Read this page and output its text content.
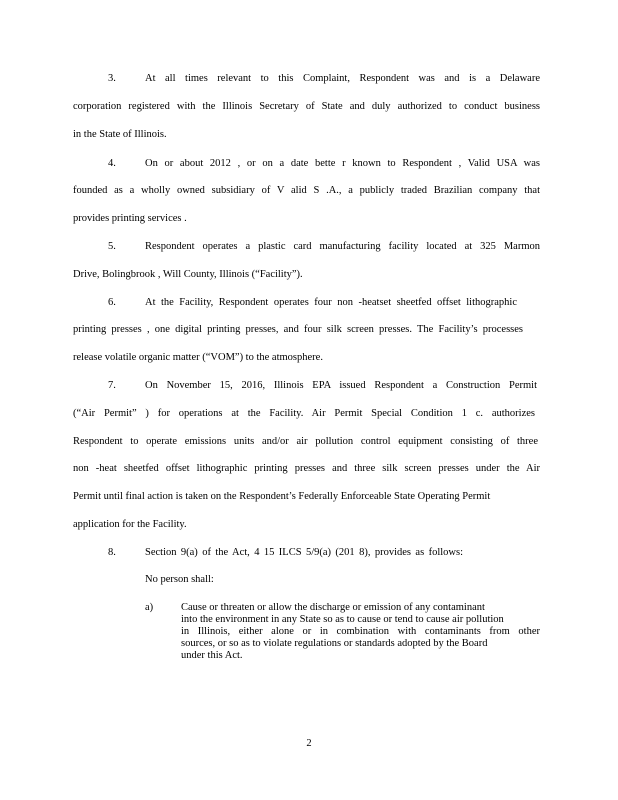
3.	At all times relevant to this Complaint, Respondent was and is a Delaware
corporation registered with the Illinois Secretary of State and duly authorized to conduct business
in the State of Illinois.
4.	On or about 2012 , or on a date bette r known to Respondent , Valid USA was
founded as a wholly owned subsidiary of V alid S .A., a publicly traded Brazilian company that
provides printing services .
5.	Respondent operates a plastic card manufacturing facility located at 325 Marmon
Drive, Bolingbrook , Will County, Illinois (“Facility”).
6.	At the Facility, Respondent operates four non -heatset sheetfed offset lithographic
printing presses , one digital printing presses, and four silk screen presses. The Facility’s processes
release volatile organic matter (“VOM”) to the atmosphere.
7.	On November 15, 2016, Illinois EPA issued Respondent a Construction Permit
(“Air Permit” ) for operations at the Facility. Air Permit Special Condition 1 c. authorizes
Respondent to operate emissions units and/or air pollution control equipment consisting of three
non -heat sheetfed offset lithographic printing presses and three silk screen presses under the Air
Permit until final action is taken on the Respondent’s Federally Enforceable State Operating Permit
application for the Facility.
8.	Section 9(a) of the Act, 4 15 ILCS 5/9(a) (201 8), provides as follows:
No person shall:
a)	Cause or threaten or allow the discharge or emission of any contaminant
into the environment in any State so as to cause or tend to cause air pollution
in Illinois, either alone or in combination with contaminants from other
sources, or so as to violate regulations or standards adopted by the Board
under this Act.
2
